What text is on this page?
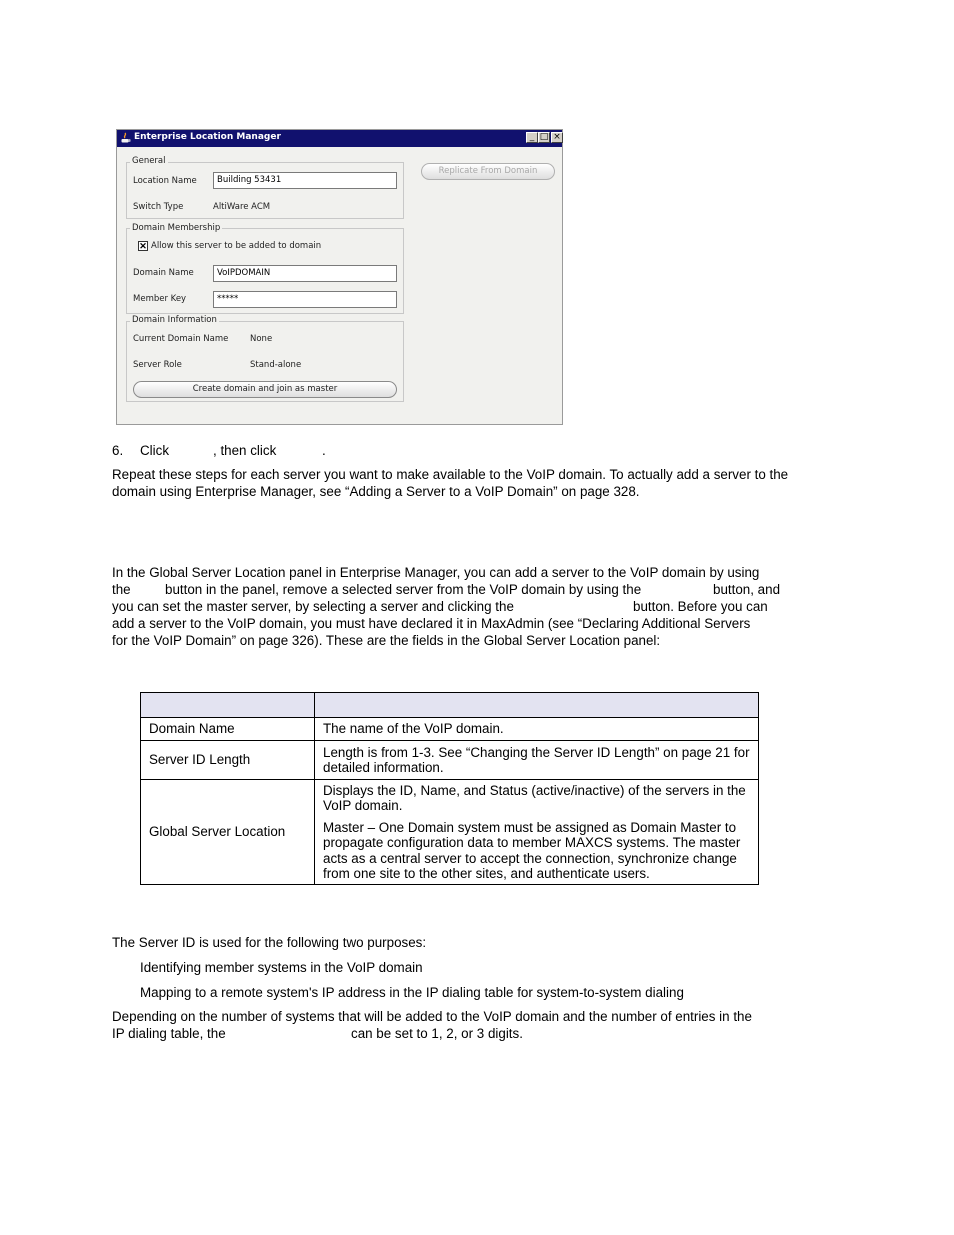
Enterprise Location Manager	_ □ ×
General
Location Name	Building 53431
Switch Type	AltiWare ACM
Replicate From Domain
Domain Membership
✕ Allow this server to be added to domain
Domain Name	VoIPDOMAIN
Member Key	*****
Domain Information
Current Domain Name	None
Server Role	Stand-alone
Create domain and join as master
6. Click	, then click	.
Repeat these steps for each server you want to make available to the VoIP domain. To actually add a server to the domain using Enterprise Manager, see “Adding a Server to a VoIP Domain” on page 328.
In the Global Server Location panel in Enterprise Manager, you can add a server to the VoIP domain by using
the	button in the panel, remove a selected server from the VoIP domain by using the	button, and
you can set the master server, by selecting a server and clicking the	button. Before you can
add a server to the VoIP domain, you must have declared it in MaxAdmin (see “Declaring Additional Servers
for the VoIP Domain” on page 326). These are the fields in the Global Server Location panel:

Domain Name	The name of the VoIP domain.

Server ID Length	Length is from 1-3. See “Changing the Server ID Length” on page 21 for detailed information.

Global Server Location	Displays the ID, Name, and Status (active/inactive) of the servers in the VoIP domain.

Master – One Domain system must be assigned as Domain Master to propagate configuration data to member MAXCS systems. The master acts as a central server to accept the connection, synchronize change from one site to the other sites, and authenticate users.

The Server ID is used for the following two purposes:
Identifying member systems in the VoIP domain
Mapping to a remote system's IP address in the IP dialing table for system-to-system dialing
Depending on the number of systems that will be added to the VoIP domain and the number of entries in the
IP dialing table, the	can be set to 1, 2, or 3 digits.
